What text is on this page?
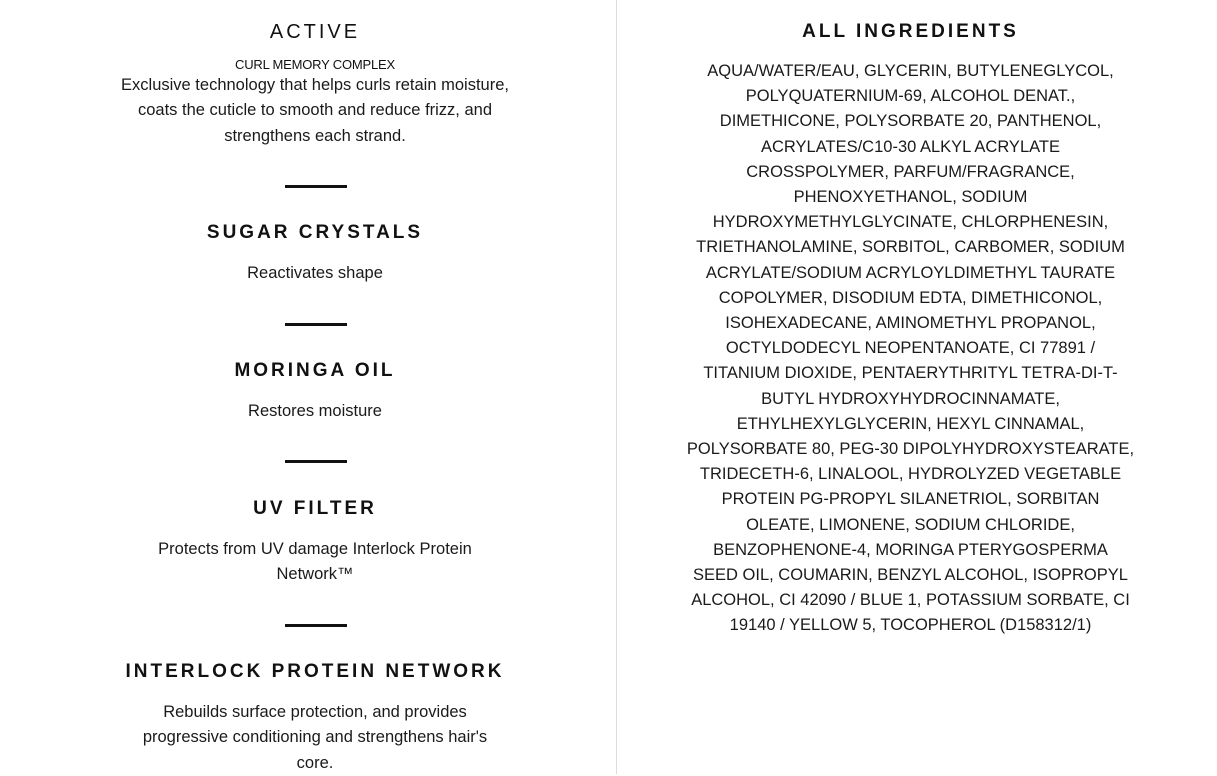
ACTIVE
CURL MEMORY COMPLEX
Exclusive technology that helps curls retain moisture,
coats the cuticle to smooth and reduce frizz, and
strengthens each strand.
SUGAR CRYSTALS
Reactivates shape
MORINGA OIL
Restores moisture
UV FILTER
Protects from UV damage Interlock Protein
Network™
INTERLOCK PROTEIN NETWORK
Rebuilds surface protection, and provides
progressive conditioning and strengthens hair's
core.
ALL INGREDIENTS
AQUA/WATER/EAU, GLYCERIN, BUTYLENEGLYCOL,
POLYQUATERNIUM-69, ALCOHOL DENAT.,
DIMETHICONE, POLYSORBATE 20, PANTHENOL,
ACRYLATES/C10-30 ALKYL ACRYLATE
CROSSPOLYMER, PARFUM/FRAGRANCE,
PHENOXYETHANOL, SODIUM
HYDROXYMETHYLGLYCINATE, CHLORPHENESIN,
TRIETHANOLAMINE, SORBITOL, CARBOMER, SODIUM
ACRYLATE/SODIUM ACRYLOYLDIMETHYL TAURATE
COPOLYMER, DISODIUM EDTA, DIMETHICONOL,
ISOHEXADECANE, AMINOMETHYL PROPANOL,
OCTYLDODECYL NEOPENTANOATE, CI 77891 /
TITANIUM DIOXIDE, PENTAERYTHRITYL TETRA-DI-T-
BUTYL HYDROXYHYDROCINNAMATE,
ETHYLHEXYLGLYCERIN, HEXYL CINNAMAL,
POLYSORBATE 80, PEG-30 DIPOLYHYDROXYSTEARATE,
TRIDECETH-6, LINALOOL, HYDROLYZED VEGETABLE
PROTEIN PG-PROPYL SILANETRIOL, SORBITAN
OLEATE, LIMONENE, SODIUM CHLORIDE,
BENZOPHENONE-4, MORINGA PTERYGOSPERMA
SEED OIL, COUMARIN, BENZYL ALCOHOL, ISOPROPYL
ALCOHOL, CI 42090 / BLUE 1, POTASSIUM SORBATE, CI
19140 / YELLOW 5, TOCOPHEROL (D158312/1)
